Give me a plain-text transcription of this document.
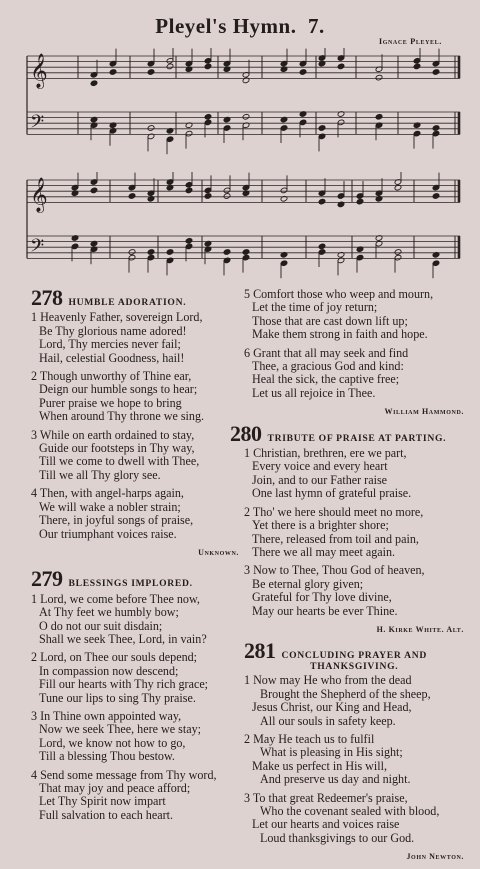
Pleyel's Hymn. 7.
Ignace Pleyel.
𝄞
𝄢
𝄞
𝄢
278 HUMBLE ADORATION.
1 Heavenly Father, sovereign Lord,
Be Thy glorious name adored!
Lord, Thy mercies never fail;
Hail, celestial Goodness, hail!
2 Though unworthy of Thine ear,
Deign our humble songs to hear;
Purer praise we hope to bring
When around Thy throne we sing.
3 While on earth ordained to stay,
Guide our footsteps in Thy way,
Till we come to dwell with Thee,
Till we all Thy glory see.
4 Then, with angel-harps again,
We will wake a nobler strain;
There, in joyful songs of praise,
Our triumphant voices raise.
Unknown.
279 BLESSINGS IMPLORED.
1 Lord, we come before Thee now,
At Thy feet we humbly bow;
O do not our suit disdain;
Shall we seek Thee, Lord, in vain?
2 Lord, on Thee our souls depend;
In compassion now descend;
Fill our hearts with Thy rich grace;
Tune our lips to sing Thy praise.
3 In Thine own appointed way,
Now we seek Thee, here we stay;
Lord, we know not how to go,
Till a blessing Thou bestow.
4 Send some message from Thy word,
That may joy and peace afford;
Let Thy Spirit now impart
Full salvation to each heart.
5 Comfort those who weep and mourn,
Let the time of joy return;
Those that are cast down lift up;
Make them strong in faith and hope.
6 Grant that all may seek and find
Thee, a gracious God and kind:
Heal the sick, the captive free;
Let us all rejoice in Thee.
William Hammond.
280 TRIBUTE OF PRAISE AT PARTING.
1 Christian, brethren, ere we part,
Every voice and every heart
Join, and to our Father raise
One last hymn of grateful praise.
2 Tho' we here should meet no more,
Yet there is a brighter shore;
There, released from toil and pain,
There we all may meet again.
3 Now to Thee, Thou God of heaven,
Be eternal glory given;
Grateful for Thy love divine,
May our hearts be ever Thine.
H. Kirke White. Alt.
281 CONCLUDING PRAYER AND
THANKSGIVING.
1 Now may He who from the dead
Brought the Shepherd of the sheep,
Jesus Christ, our King and Head,
All our souls in safety keep.
2 May He teach us to fulfil
What is pleasing in His sight;
Make us perfect in His will,
And preserve us day and night.
3 To that great Redeemer's praise,
Who the covenant sealed with blood,
Let our hearts and voices raise
Loud thanksgivings to our God.
John Newton.
